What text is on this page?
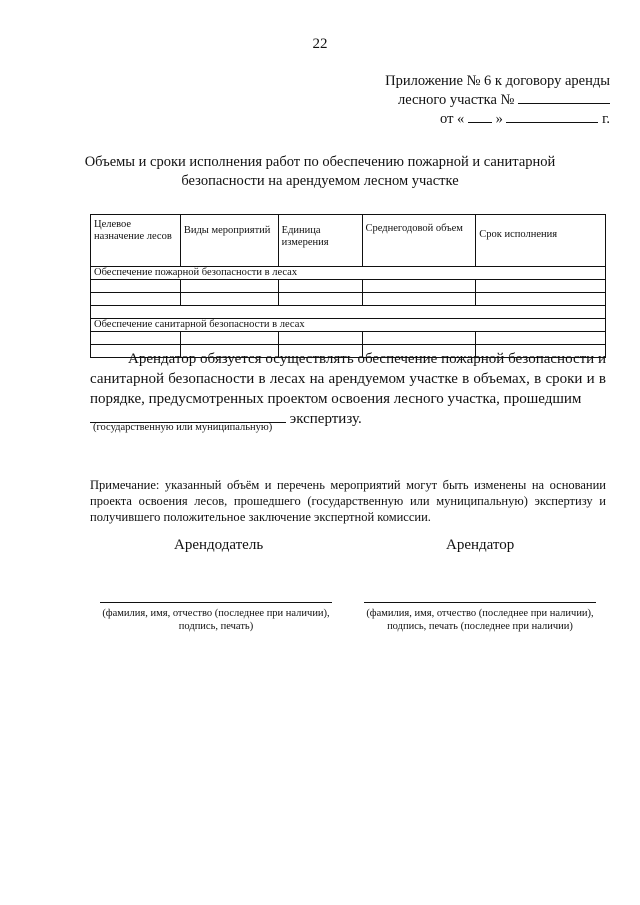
22
Приложение № 6 к договору аренды
лесного участка №
от « »	г.
Объемы и сроки исполнения работ по обеспечению пожарной и санитарной
безопасности на арендуемом лесном участке
Целевое назначение лесов	Виды мероприятий	Единица измерения	Среднегодовой объем	Срок исполнения
Обеспечение пожарной безопасности в лесах				

Обеспечение санитарной безопасности в лесах				

Арендатор обязуется осуществлять обеспечение пожарной безопасности и санитарной безопасности в лесах на арендуемом участке в объемах, в сроки и в порядке, предусмотренных проектом освоения лесного участка, прошедшим
экспертизу.
(государственную или муниципальную)
Примечание: указанный объём и перечень мероприятий могут быть изменены на основании проекта освоения лесов, прошедшего (государственную или муниципальную) экспертизу и получившего положительное заключение экспертной комиссии.
Арендодатель	Арендатор
(фамилия, имя, отчество (последнее при наличии),
подпись, печать)
(фамилия, имя, отчество (последнее при наличии),
подпись, печать (последнее при наличии)
